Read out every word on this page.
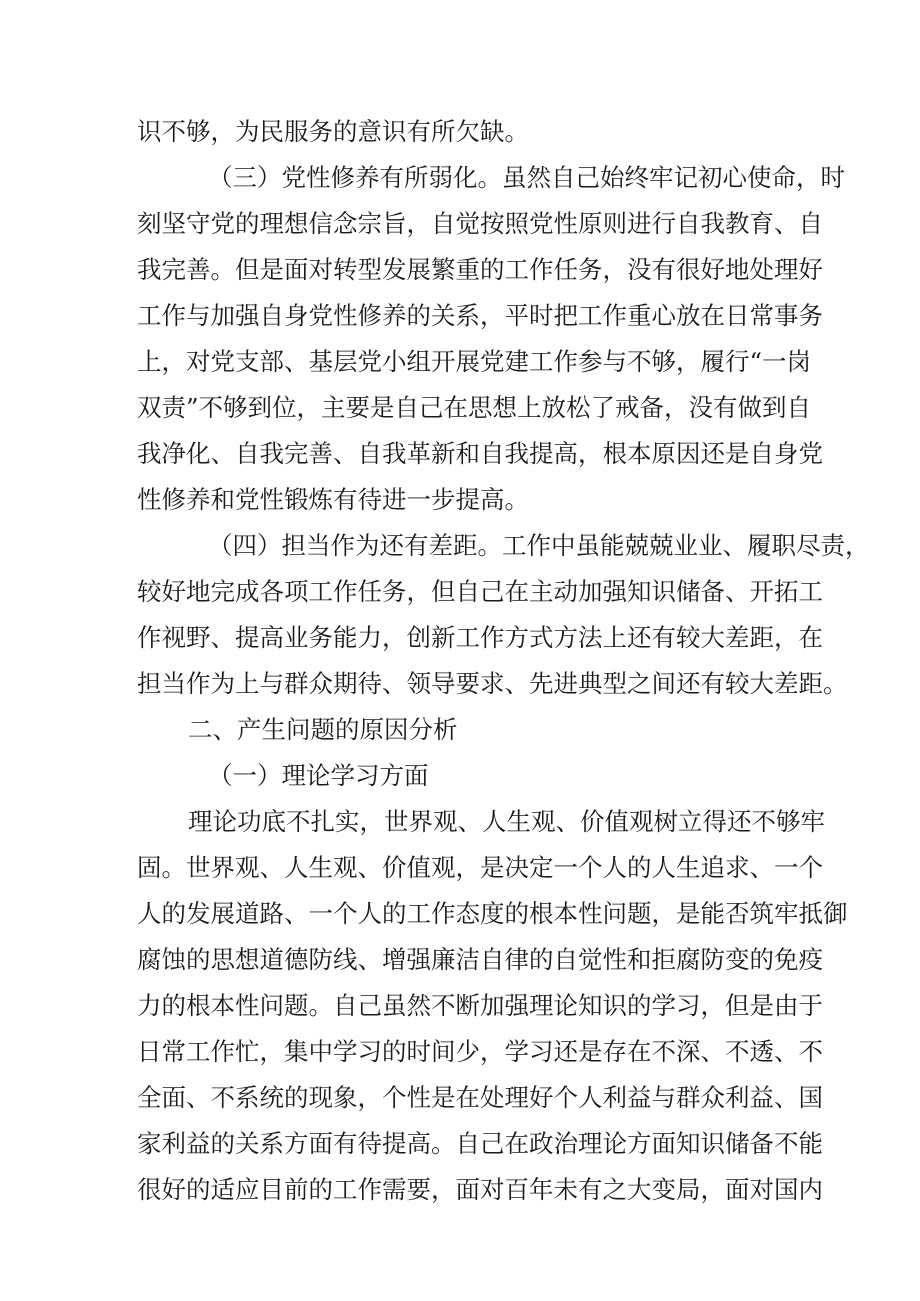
识不够，为民服务的意识有所欠缺。
（三）党性修养有所弱化。虽然自己始终牢记初心使命，时
刻坚守党的理想信念宗旨，自觉按照党性原则进行自我教育、自
我完善。但是面对转型发展繁重的工作任务，没有很好地处理好
工作与加强自身党性修养的关系，平时把工作重心放在日常事务
上，对党支部、基层党小组开展党建工作参与不够，履行“一岗
双责”不够到位，主要是自己在思想上放松了戒备，没有做到自
我净化、自我完善、自我革新和自我提高，根本原因还是自身党
性修养和党性锻炼有待进一步提高。
（四）担当作为还有差距。工作中虽能兢兢业业、履职尽责，
较好地完成各项工作任务，但自己在主动加强知识储备、开拓工
作视野、提高业务能力，创新工作方式方法上还有较大差距，在
担当作为上与群众期待、领导要求、先进典型之间还有较大差距。
二、产生问题的原因分析
（一）理论学习方面
理论功底不扎实，世界观、人生观、价值观树立得还不够牢
固。世界观、人生观、价值观，是决定一个人的人生追求、一个
人的发展道路、一个人的工作态度的根本性问题，是能否筑牢抵御
腐蚀的思想道德防线、增强廉洁自律的自觉性和拒腐防变的免疫
力的根本性问题。自己虽然不断加强理论知识的学习，但是由于
日常工作忙，集中学习的时间少，学习还是存在不深、不透、不
全面、不系统的现象，个性是在处理好个人利益与群众利益、国
家利益的关系方面有待提高。自己在政治理论方面知识储备不能
很好的适应目前的工作需要，面对百年未有之大变局，面对国内
